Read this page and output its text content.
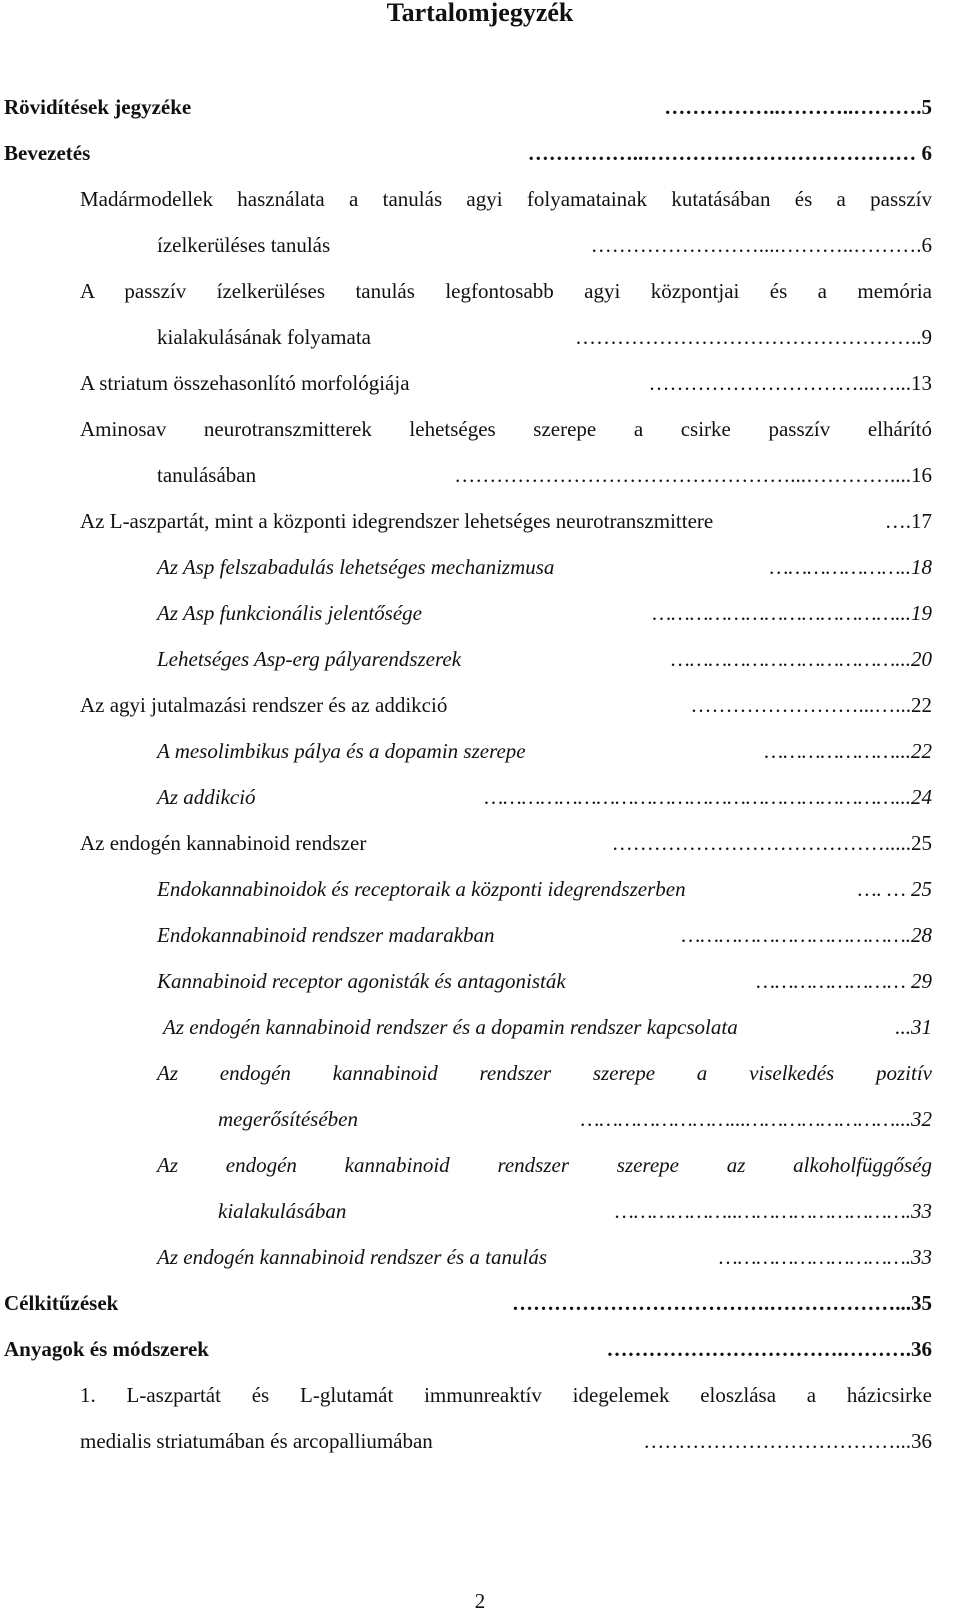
Tartalomjegyzék
Rövidítések jegyzéke	……………..………..……….5
Bevezetés	……………..………………………………… 6
Madármodellek használata a tanulás agyi folyamatainak kutatásában és a passzív
ízelkerüléses tanulás	……………………....………..……….6
A passzív ízelkerüléses tanulás legfontosabb agyi központjai és a memória
kialakulásának folyamata	…………………………………………..9
A striatum összehasonlító morfológiája	…………………………...…...13
Aminosav neurotranszmitterek lehetséges szerepe a csirke passzív elhárító
tanulásában	…………………………………………...…………....16
Az L-aszpartát, mint a központi idegrendszer lehetséges neurotranszmittere	….17
Az Asp felszabadulás lehetséges mechanizmusa	…………………..18
Az Asp funkcionális jelentősége	…………………………………...19
Lehetséges Asp-erg pályarendszerek	………………………………...20
Az agyi jutalmazási rendszer és az addikció	……………………...…...22
A mesolimbikus pálya és a dopamin szerepe	…………………...22
Az addikció	…………………………………………………………...24
Az endogén kannabinoid rendszer	………………………………….....25
Endokannabinoidok és receptoraik a központi idegrendszerben	…. … 25
Endokannabinoid rendszer madarakban	……………………………….28
Kannabinoid receptor agonisták és antagonisták	…………………… 29
Az endogén kannabinoid rendszer és a dopamin rendszer kapcsolata	...31
Az endogén kannabinoid rendszer szerepe a viselkedés pozitív
megerősítésében	……………………...……………………...32
Az endogén kannabinoid rendszer szerepe az alkoholfüggőség
kialakulásában	………………..……………………….33
Az endogén kannabinoid rendszer és a tanulás	………………………….33
Célkitűzések	……………………………….………………...35
Anyagok és módszerek	…………………………….……….36
1. L-aszpartát és L-glutamát immunreaktív idegelemek eloszlása a házicsirke
medialis striatumában és arcopalliumában	………………………………...36
2
